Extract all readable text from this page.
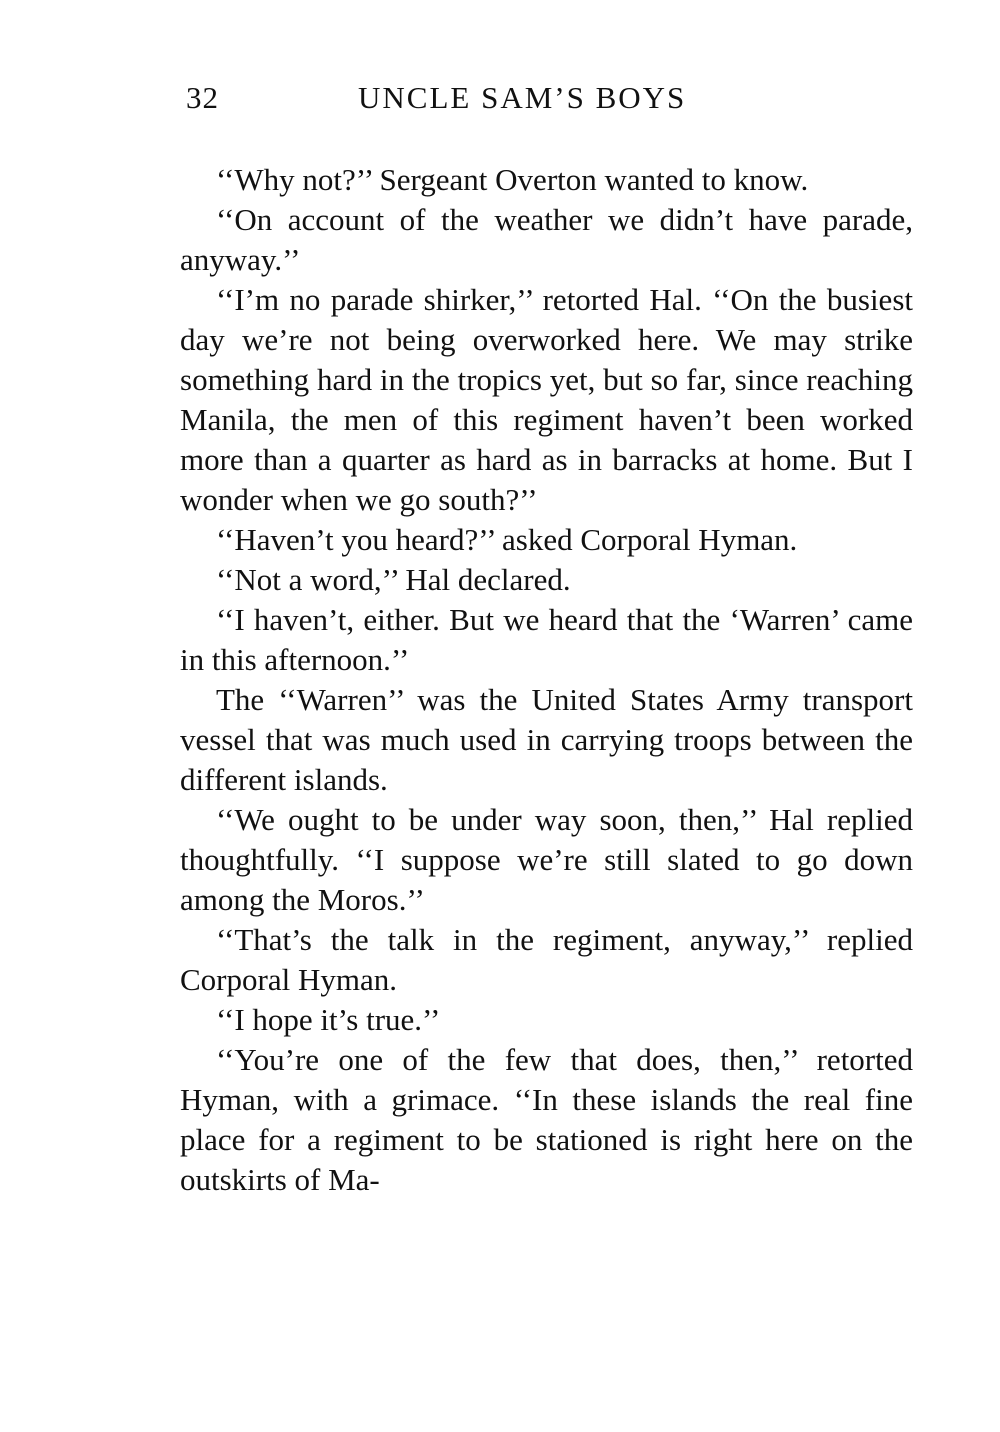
32	UNCLE SAM’S BOYS

‘‘Why not?’’ Sergeant Overton wanted to know.

‘‘On account of the weather we didn’t have parade, anyway.’’

‘‘I’m no parade shirker,’’ retorted Hal. ‘‘On the busiest day we’re not being overworked here. We may strike something hard in the tropics yet, but so far, since reaching Manila, the men of this regiment haven’t been worked more than a quarter as hard as in barracks at home. But I wonder when we go south?’’

‘‘Haven’t you heard?’’ asked Corporal Hyman.

‘‘Not a word,’’ Hal declared.

‘‘I haven’t, either. But we heard that the ‘Warren’ came in this afternoon.’’

The ‘‘Warren’’ was the United States Army transport vessel that was much used in carrying troops between the different islands.

‘‘We ought to be under way soon, then,’’ Hal replied thoughtfully. ‘‘I suppose we’re still slated to go down among the Moros.’’

‘‘That’s the talk in the regiment, anyway,’’ replied Corporal Hyman.

‘‘I hope it’s true.’’

‘‘You’re one of the few that does, then,’’ retorted Hyman, with a grimace. ‘‘In these islands the real fine place for a regiment to be stationed is right here on the outskirts of Ma-
